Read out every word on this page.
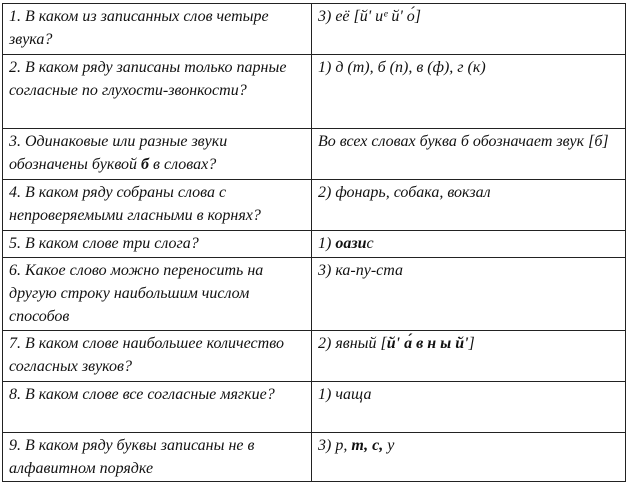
1. В каком из записанных слов четыре звука?	3) её [й' иᵉ й' о́]
2. В каком ряду записаны только парные согласные по глухости-звонкости?	1) д (т), б (п), в (ф), г (к)
3. Одинаковые или разные звуки обозначены буквой б в словах?	Во всех словах буква б обозначает звук [б]
4. В каком ряду собраны слова с непроверяемыми гласными в корнях?	2) фонарь, собака, вокзал
5. В каком слове три слога?	1) оазис
6. Какое слово можно переносить на другую строку наибольшим числом способов	3) ка-пу-ста
7. В каком слове наибольшее количество согласных звуков?	2) явный [й' а́ в н ы й']
8. В каком слове все согласные мягкие?	1) чаща
9. В каком ряду буквы записаны не в алфавитном порядке	3) р, т, с, у
